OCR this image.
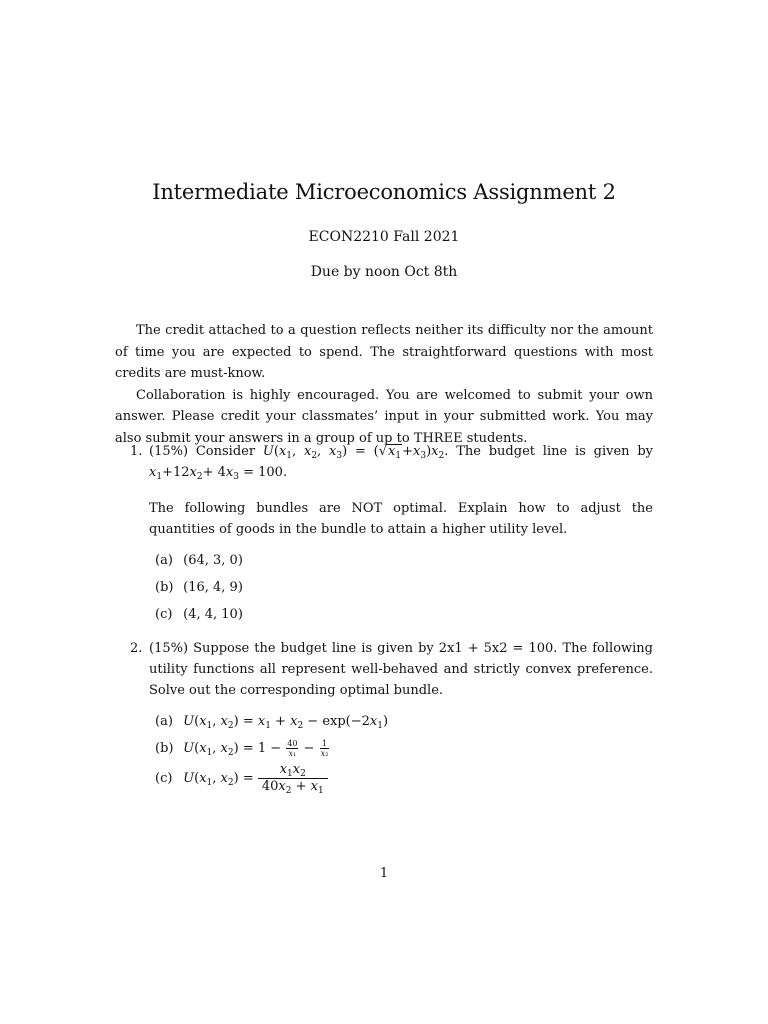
Intermediate Microeconomics Assignment 2
ECON2210 Fall 2021
Due by noon Oct 8th

The credit attached to a question reflects neither its difficulty nor the amount of time you are expected to spend. The straightforward questions with most credits are must-know.

Collaboration is highly encouraged. You are welcomed to submit your own answer. Please credit your classmates’ input in your submitted work. You may also submit your answers in a group of up to THREE students.

1. (15%) Consider $U(x_1$, $x_2$, $x_3) = (√x_1+x_3)x_2$. The budget line is given by $x_1+12x_2+ 4x_3 = 100$.
The following bundles are NOT optimal. Explain how to adjust the quantities of goods in the bundle to attain a higher utility level.
(a) (64, 3, 0)
(b) (16, 4, 9)
(c) (4, 4, 10)
2. (15%) Suppose the budget line is given by 2x1 + 5x2 = 100. The following utility functions all represent well-behaved and strictly convex preference. Solve out the corresponding optimal bundle.
(a) $U(x_1$, $x_2) = x_1 + x_2 - \exp(-2x_1)$
(b) $U(x_1$, $x_2) = 1 - \frac{40}{\text{x₁}} - \frac{1}{\text{x₂}}$
(c) $U(x_1$, $x_2) = \frac{x_1x_2}{40x_2 + x_1}$
1
